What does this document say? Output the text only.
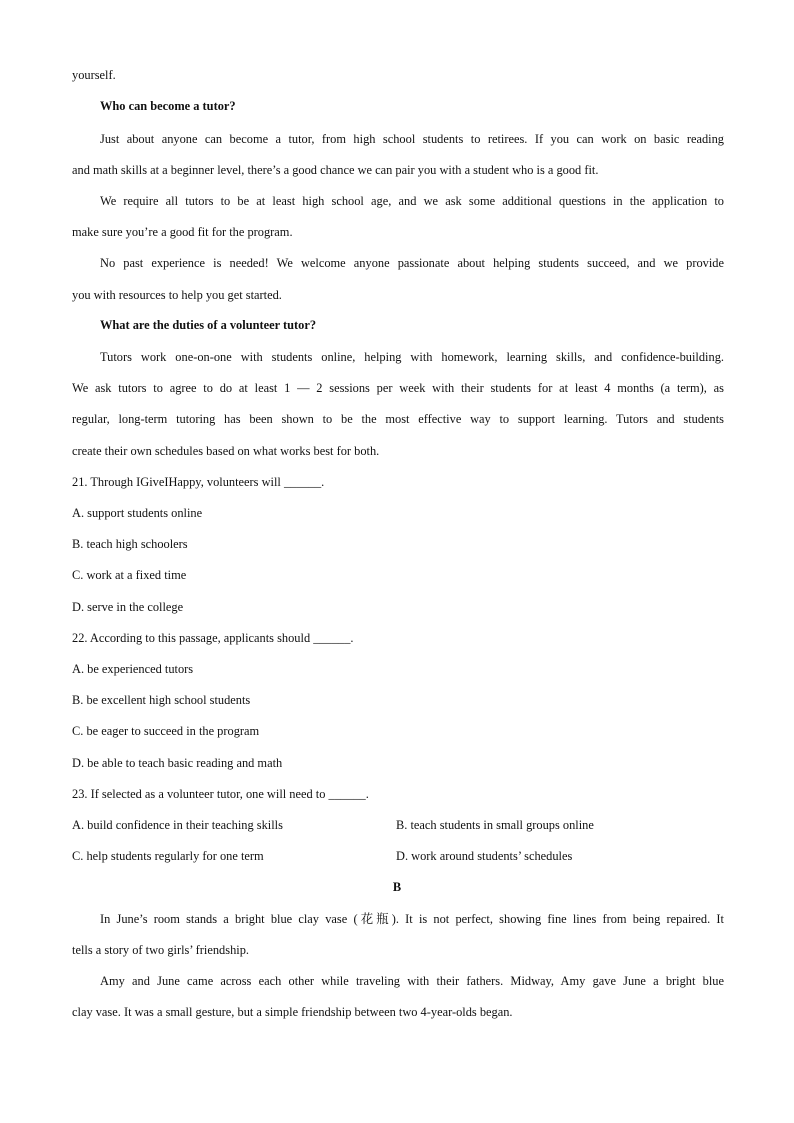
yourself.
Who can become a tutor?
Just about anyone can become a tutor, from high school students to retirees. If you can work on basic reading
and math skills at a beginner level, there’s a good chance we can pair you with a student who is a good fit.
We require all tutors to be at least high school age, and we ask some additional questions in the application to
make sure you’re a good fit for the program.
No past experience is needed! We welcome anyone passionate about helping students succeed, and we provide
you with resources to help you get started.
What are the duties of a volunteer tutor?
Tutors work one-on-one with students online, helping with homework, learning skills, and confidence-building.
We ask tutors to agree to do at least 1 — 2 sessions per week with their students for at least 4 months (a term), as
regular, long-term tutoring has been shown to be the most effective way to support learning. Tutors and students
create their own schedules based on what works best for both.
21. Through IGiveIHappy, volunteers will ______.
A. support students online
B. teach high schoolers
C. work at a fixed time
D. serve in the college
22. According to this passage, applicants should ______.
A. be experienced tutors
B. be excellent high school students
C. be eager to succeed in the program
D. be able to teach basic reading and math
23. If selected as a volunteer tutor, one will need to ______.
A. build confidence in their teaching skills	B. teach students in small groups online
C. help students regularly for one term	D. work around students’ schedules
B
In June’s room stands a bright blue clay vase (花瓶). It is not perfect, showing fine lines from being repaired. It
tells a story of two girls’ friendship.
Amy and June came across each other while traveling with their fathers. Midway, Amy gave June a bright blue
clay vase. It was a small gesture, but a simple friendship between two 4-year-olds began.
